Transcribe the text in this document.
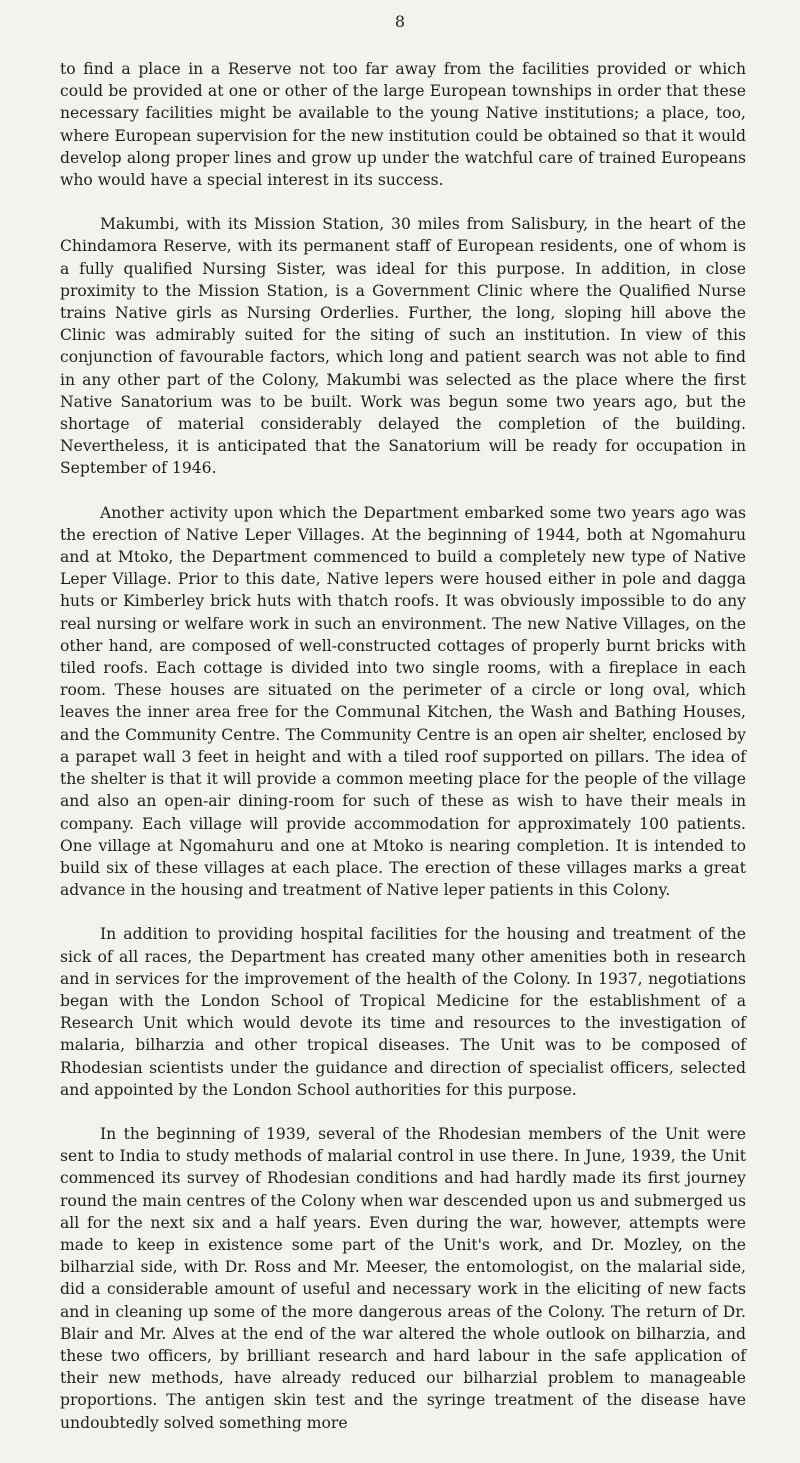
8

to find a place in a Reserve not too far away from the facilities provided or which could be provided at one or other of the large European townships in order that these necessary facilities might be available to the young Native institutions; a place, too, where European supervision for the new institution could be obtained so that it would develop along proper lines and grow up under the watchful care of trained Europeans who would have a special interest in its success.

Makumbi, with its Mission Station, 30 miles from Salisbury, in the heart of the Chindamora Reserve, with its permanent staff of European residents, one of whom is a fully qualified Nursing Sister, was ideal for this purpose. In addition, in close proximity to the Mission Station, is a Government Clinic where the Qualified Nurse trains Native girls as Nursing Orderlies. Further, the long, sloping hill above the Clinic was admirably suited for the siting of such an institution. In view of this conjunction of favourable factors, which long and patient search was not able to find in any other part of the Colony, Makumbi was selected as the place where the first Native Sanatorium was to be built. Work was begun some two years ago, but the shortage of material considerably delayed the completion of the building. Nevertheless, it is anticipated that the Sanatorium will be ready for occupation in September of 1946.

Another activity upon which the Department embarked some two years ago was the erection of Native Leper Villages. At the beginning of 1944, both at Ngomahuru and at Mtoko, the Department commenced to build a completely new type of Native Leper Village. Prior to this date, Native lepers were housed either in pole and dagga huts or Kimberley brick huts with thatch roofs. It was obviously impossible to do any real nursing or welfare work in such an environment. The new Native Villages, on the other hand, are composed of well-constructed cottages of properly burnt bricks with tiled roofs. Each cottage is divided into two single rooms, with a fireplace in each room. These houses are situated on the perimeter of a circle or long oval, which leaves the inner area free for the Communal Kitchen, the Wash and Bathing Houses, and the Community Centre. The Community Centre is an open air shelter, enclosed by a parapet wall 3 feet in height and with a tiled roof supported on pillars. The idea of the shelter is that it will provide a common meeting place for the people of the village and also an open-air dining-room for such of these as wish to have their meals in company. Each village will provide accommodation for approximately 100 patients. One village at Ngomahuru and one at Mtoko is nearing completion. It is intended to build six of these villages at each place. The erection of these villages marks a great advance in the housing and treatment of Native leper patients in this Colony.

In addition to providing hospital facilities for the housing and treatment of the sick of all races, the Department has created many other amenities both in research and in services for the improvement of the health of the Colony. In 1937, negotiations began with the London School of Tropical Medicine for the establishment of a Research Unit which would devote its time and resources to the investigation of malaria, bilharzia and other tropical diseases. The Unit was to be composed of Rhodesian scientists under the guidance and direction of specialist officers, selected and appointed by the London School authorities for this purpose.

In the beginning of 1939, several of the Rhodesian members of the Unit were sent to India to study methods of malarial control in use there. In June, 1939, the Unit commenced its survey of Rhodesian conditions and had hardly made its first journey round the main centres of the Colony when war descended upon us and submerged us all for the next six and a half years. Even during the war, however, attempts were made to keep in existence some part of the Unit's work, and Dr. Mozley, on the bilharzial side, with Dr. Ross and Mr. Meeser, the entomologist, on the malarial side, did a considerable amount of useful and necessary work in the eliciting of new facts and in cleaning up some of the more dangerous areas of the Colony. The return of Dr. Blair and Mr. Alves at the end of the war altered the whole outlook on bilharzia, and these two officers, by brilliant research and hard labour in the safe application of their new methods, have already reduced our bilharzial problem to manageable proportions. The antigen skin test and the syringe treatment of the disease have undoubtedly solved something more
